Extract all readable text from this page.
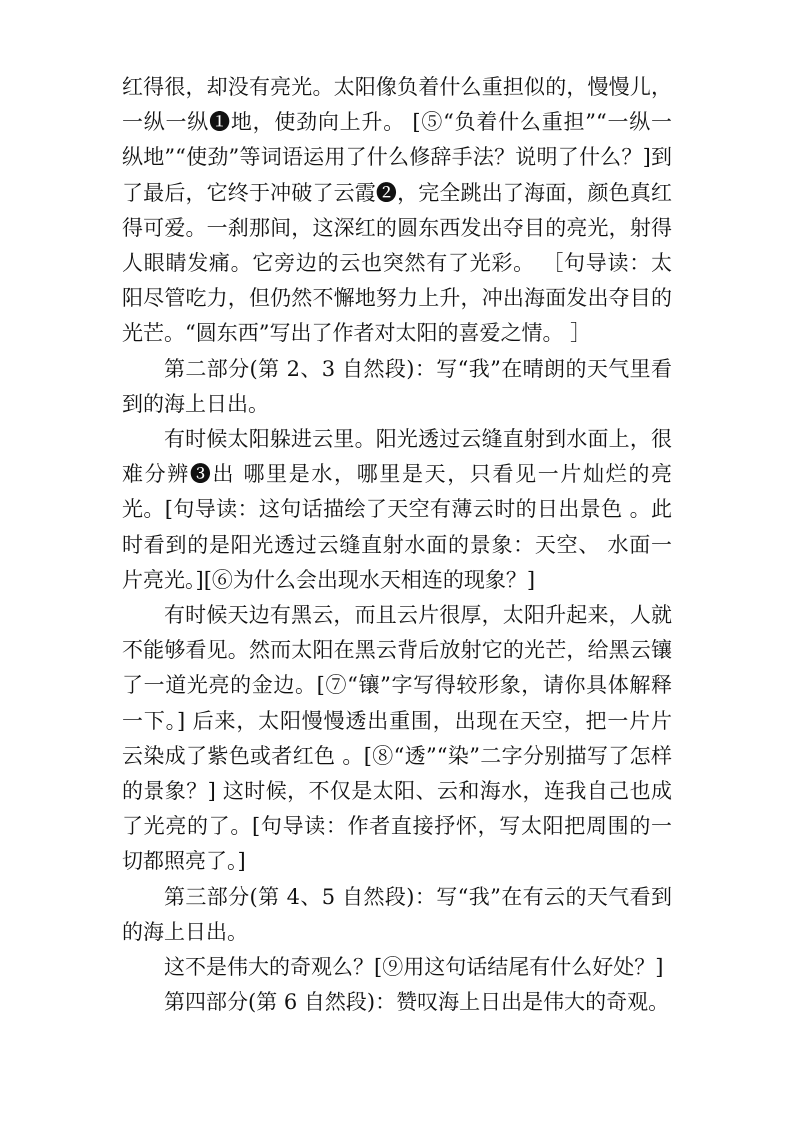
红得很，却没有亮光。太阳像负着什么重担似的，慢慢儿，一纵一纵❶地，使劲向上升。 [⑤“负着什么重担”“一纵一纵地”“使劲”等词语运用了什么修辞手法？说明了什么？]到了最后，它终于冲破了云霞❷，完全跳出了海面，颜色真红得可爱。一刹那间，这深红的圆东西发出夺目的亮光，射得人眼睛发痛。它旁边的云也突然有了光彩。 ［句导读：太阳尽管吃力，但仍然不懈地努力上升，冲出海面发出夺目的光芒。“圆东西”写出了作者对太阳的喜爱之情。 ］

第二部分(第 2、3 自然段)：写“我”在晴朗的天气里看到的海上日出。

有时候太阳躲进云里。阳光透过云缝直射到水面上，很难分辨❸出 哪里是水，哪里是天，只看见一片灿烂的亮光。[句导读：这句话描绘了天空有薄云时的日出景色 。此时看到的是阳光透过云缝直射水面的景象：天空、 水面一片亮光。][⑥为什么会出现水天相连的现象？]

有时候天边有黑云，而且云片很厚，太阳升起来，人就不能够看见。然而太阳在黑云背后放射它的光芒，给黑云镶了一道光亮的金边。[⑦“镶”字写得较形象，请你具体解释一下。] 后来，太阳慢慢透出重围，出现在天空，把一片片云染成了紫色或者红色 。[⑧“透”“染”二字分别描写了怎样的景象？] 这时候，不仅是太阳、云和海水，连我自己也成了光亮的了。[句导读：作者直接抒怀，写太阳把周围的一切都照亮了。]

第三部分(第 4、5 自然段)：写“我”在有云的天气看到的海上日出。

这不是伟大的奇观么？[⑨用这句话结尾有什么好处？]

第四部分(第 6 自然段)：赞叹海上日出是伟大的奇观。
